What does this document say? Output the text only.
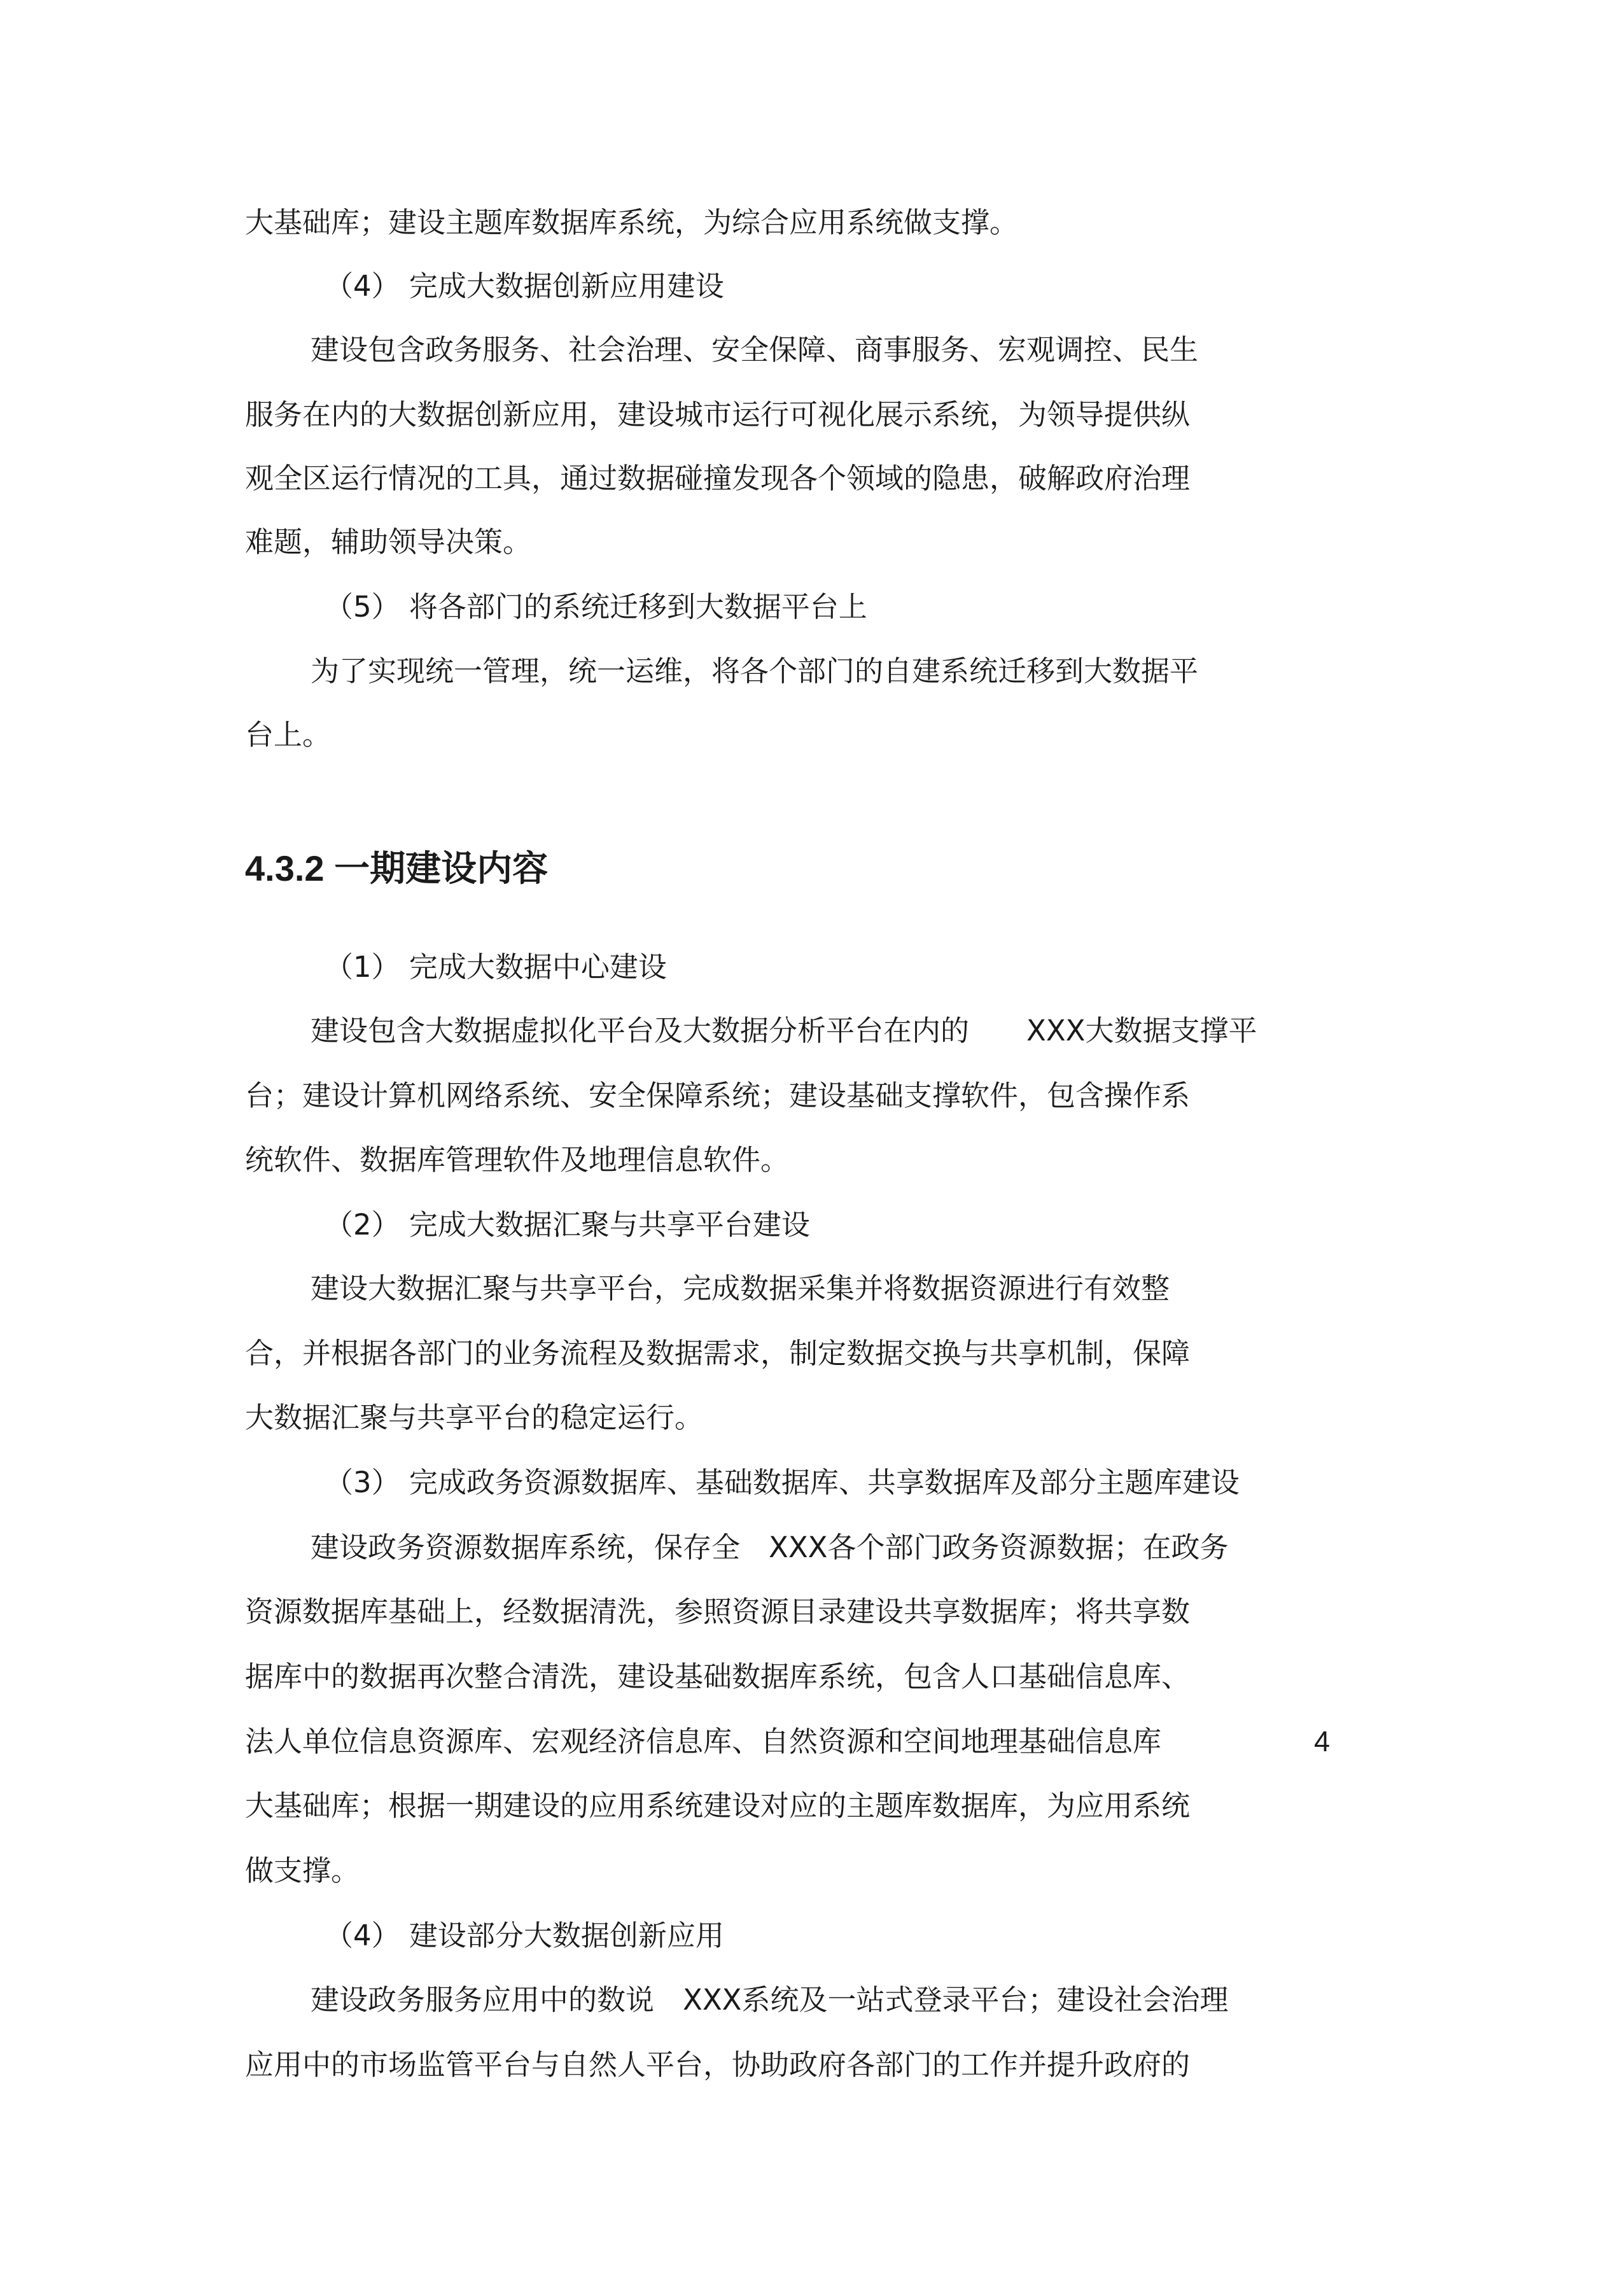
大基础库；建设主题库数据库系统，为综合应用系统做支撑。

（4） 完成大数据创新应用建设

建设包含政务服务、社会治理、安全保障、商事服务、宏观调控、民生

服务在内的大数据创新应用，建设城市运行可视化展示系统，为领导提供纵

观全区运行情况的工具，通过数据碰撞发现各个领域的隐患，破解政府治理

难题，辅助领导决策。

（5） 将各部门的系统迁移到大数据平台上

为了实现统一管理，统一运维，将各个部门的自建系统迁移到大数据平

台上。

4.3.2 一期建设内容

（1） 完成大数据中心建设

建设包含大数据虚拟化平台及大数据分析平台在内的　　XXX大数据支撑平

台；建设计算机网络系统、安全保障系统；建设基础支撑软件，包含操作系

统软件、数据库管理软件及地理信息软件。

（2） 完成大数据汇聚与共享平台建设

建设大数据汇聚与共享平台，完成数据采集并将数据资源进行有效整

合，并根据各部门的业务流程及数据需求，制定数据交换与共享机制，保障

大数据汇聚与共享平台的稳定运行。

（3） 完成政务资源数据库、基础数据库、共享数据库及部分主题库建设

建设政务资源数据库系统，保存全　XXX各个部门政务资源数据；在政务

资源数据库基础上，经数据清洗，参照资源目录建设共享数据库；将共享数

据库中的数据再次整合清洗，建设基础数据库系统，包含人口基础信息库、

法人单位信息资源库、宏观经济信息库、自然资源和空间地理基础信息库	4

大基础库；根据一期建设的应用系统建设对应的主题库数据库，为应用系统

做支撑。

（4） 建设部分大数据创新应用

建设政务服务应用中的数说　XXX系统及一站式登录平台；建设社会治理

应用中的市场监管平台与自然人平台，协助政府各部门的工作并提升政府的
